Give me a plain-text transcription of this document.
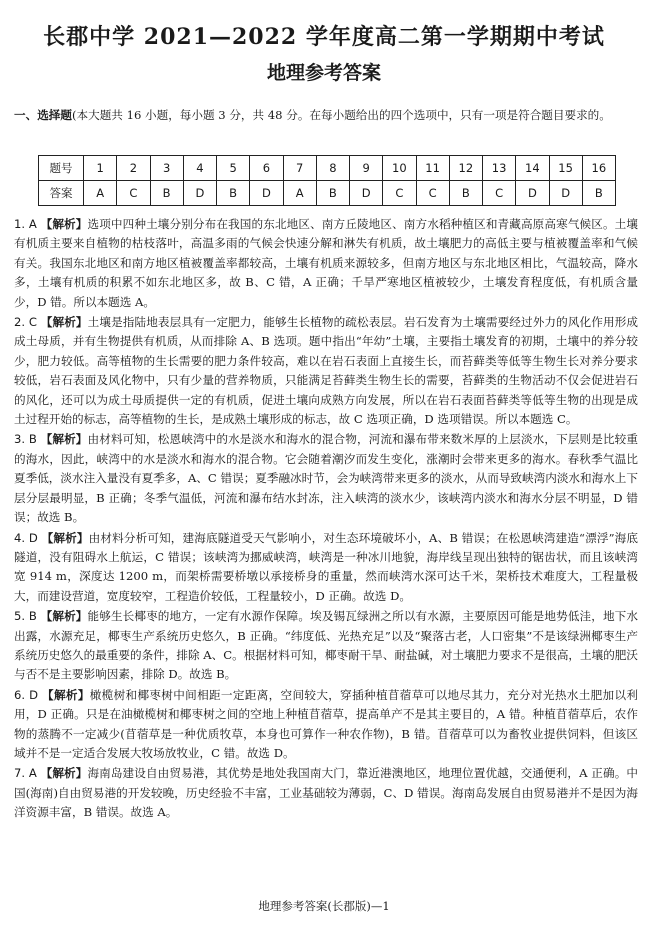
长郡中学 2021—2022 学年度高二第一学期期中考试
地理参考答案
一、选择题(本大题共 16 小题，每小题 3 分，共 48 分。在每小题给出的四个选项中，只有一项是符合题目要求的。
题号	1	2	3	4	5	6	7	8	9	10	11	12	13	14	15	16
答案	A	C	B	D	B	D	A	B	D	C	C	B	C	D	D	B

1. A 【解析】选项中四种土壤分别分布在我国的东北地区、南方丘陵地区、南方水稻种植区和青藏高原高寒气候区。土壤有机质主要来自植物的枯枝落叶，高温多雨的气候会快速分解和淋失有机质，故土壤肥力的高低主要与植被覆盖率和气候有关。我国东北地区和南方地区植被覆盖率都较高，土壤有机质来源较多，但南方地区与东北地区相比，气温较高，降水多，土壤有机质的积累不如东北地区多，故 B、C 错，A 正确；千旱严寒地区植被较少，土壤发育程度低，有机质含量少，D 错。所以本题选 A。

2. C 【解析】土壤是指陆地表层具有一定肥力，能够生长植物的疏松表层。岩石发育为土壤需要经过外力的风化作用形成成土母质，并有生物提供有机质，从而排除 A、B 选项。题中指出“年幼”土壤，主要指土壤发育的初期，土壤中的养分较少，肥力较低。高等植物的生长需要的肥力条件较高，难以在岩石表面上直接生长，而苔藓类等低等生物生长对养分要求较低，岩石表面及风化物中，只有少量的营养物质，只能满足苔藓类生物生长的需要，苔藓类的生物活动不仅会促进岩石的风化，还可以为成土母质提供一定的有机质，促进土壤向成熟方向发展，所以在岩石表面苔藓类等低等生物的出现是成土过程开始的标志，高等植物的生长，是成熟土壤形成的标志，故 C 选项正确，D 选项错误。所以本题选 C。

3. B 【解析】由材料可知，松恩峡湾中的水是淡水和海水的混合物，河流和瀑布带来数米厚的上层淡水，下层则是比较重的海水，因此，峡湾中的水是淡水和海水的混合物。它会随着潮汐而发生变化，涨潮时会带来更多的海水。春秋季气温比夏季低，淡水注入量没有夏季多，A、C 错误；夏季融冰时节，会为峡湾带来更多的淡水，从而导致峡湾内淡水和海水上下层分层最明显，B 正确；冬季气温低，河流和瀑布结水封冻，注入峡湾的淡水少，该峡湾内淡水和海水分层不明显，D 错误；故选 B。

4. D 【解析】由材料分析可知，建海底隧道受天气影响小，对生态环境破坏小，A、B 错误；在松恩峡湾建造“漂浮”海底隧道，没有阻碍水上航运，C 错误；该峡湾为挪威峡湾，峡湾是一种冰川地貌，海岸线呈现出独特的锯齿状，而且该峡湾宽 914 m，深度达 1200 m，而架桥需要桥墩以承接桥身的重量，然而峡湾水深可达千米，架桥技术难度大，工程量极大，而建设营道，宽度较窄，工程造价较低，工程量较小，D 正确。故选 D。

5. B 【解析】能够生长椰枣的地方，一定有水源作保障。埃及锡瓦绿洲之所以有水源，主要原因可能是地势低洼，地下水出露，水源充足，椰枣生产系统历史悠久，B 正确。“纬度低、光热充足”以及“聚落古老，人口密集”不是该绿洲椰枣生产系统历史悠久的最重要的条件，排除 A、C。根据材料可知，椰枣耐干旱、耐盐碱，对土壤肥力要求不是很高，土壤的肥沃与否不是主要影响因素，排除 D。故选 B。

6. D 【解析】橄榄树和椰枣树中间相距一定距离，空间较大，穿插种植苜蓿草可以地尽其力，充分对光热水土肥加以利用，D 正确。只是在油橄榄树和椰枣树之间的空地上种植苜蓿草，提高单产不是其主要目的，A 错。种植苜蓿草后，农作物的蒸腾不一定减少(苜蓿草是一种优质牧草，本身也可算作一种农作物)，B 错。苜蓿草可以为畜牧业提供饲料，但该区域并不是一定适合发展大牧场放牧业，C 错。故选 D。

7. A 【解析】海南岛建设自由贸易港，其优势是地处我国南大门，靠近港澳地区，地理位置优越，交通便利，A 正确。中国(海南)自由贸易港的开发较晚，历史经验不丰富，工业基础较为薄弱，C、D 错误。海南岛发展自由贸易港并不是因为海洋资源丰富，B 错误。故选 A。

地理参考答案(长郡版)—1
